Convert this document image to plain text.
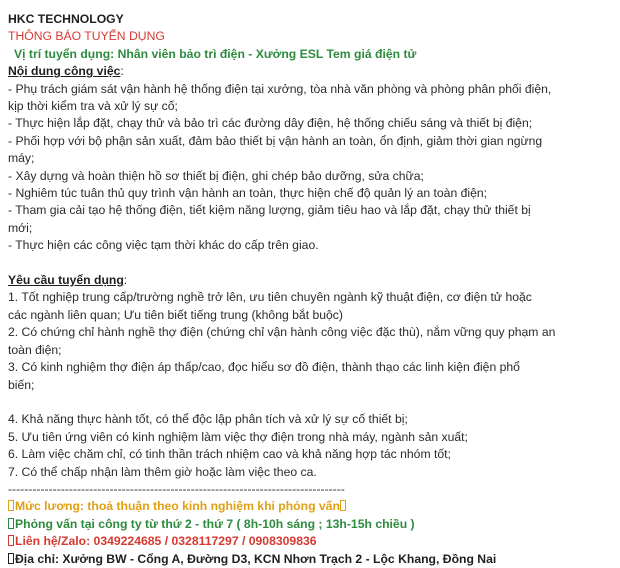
HKC TECHNOLOGY
THÔNG BÁO TUYỂN DỤNG
Vị trí tuyển dụng: Nhân viên bảo trì điện - Xưởng ESL Tem giá điện tử
Nội dung công việc:
- Phụ trách giám sát vận hành hệ thống điện tại xưởng, tòa nhà văn phòng và phòng phân phối điện,
kịp thời kiểm tra và xử lý sự cố;
- Thực hiện lắp đặt, chạy thử và bảo trì các đường dây điện, hệ thống chiếu sáng và thiết bị điện;
- Phối hợp với bộ phận sản xuất, đảm bảo thiết bị vận hành an toàn, ổn định, giảm thời gian ngừng
máy;
- Xây dựng và hoàn thiện hồ sơ thiết bị điện, ghi chép bảo dưỡng, sửa chữa;
- Nghiêm túc tuân thủ quy trình vận hành an toàn, thực hiện chế độ quản lý an toàn điện;
- Tham gia cải tạo hệ thống điện, tiết kiệm năng lượng, giảm tiêu hao và lắp đặt, chạy thử thiết bị
mới;
- Thực hiện các công việc tạm thời khác do cấp trên giao.
Yêu cầu tuyển dụng:
1. Tốt nghiệp trung cấp/trường nghề trở lên, ưu tiên chuyên ngành kỹ thuật điện, cơ điện tử hoặc
các ngành liên quan; Ưu tiên biết tiếng trung (không bắt buộc)
2. Có chứng chỉ hành nghề thợ điện (chứng chỉ vận hành công việc đặc thù), nắm vững quy phạm an
toàn điện;
3. Có kinh nghiệm thợ điện áp thấp/cao, đọc hiểu sơ đồ điện, thành thạo các linh kiện điện phổ
biến;
4. Khả năng thực hành tốt, có thể độc lập phân tích và xử lý sự cố thiết bị;
5. Ưu tiên ứng viên có kinh nghiệm làm việc thợ điện trong nhà máy, ngành sản xuất;
6. Làm việc chăm chỉ, có tinh thần trách nhiệm cao và khả năng hợp tác nhóm tốt;
7. Có thể chấp nhận làm thêm giờ hoặc làm việc theo ca.
-----------------------------------------------------------------------------------
Mức lương: thoả thuận theo kinh nghiệm khi phỏng vấn
Phỏng vấn tại công ty từ thứ 2 - thứ 7 ( 8h-10h sáng ; 13h-15h chiều )
Liên hệ/Zalo: 0349224685 / 0328117297 / 0908309836
Địa chỉ: Xưởng BW - Cổng A, Đường D3, KCN Nhơn Trạch 2 - Lộc Khang, Đồng Nai
